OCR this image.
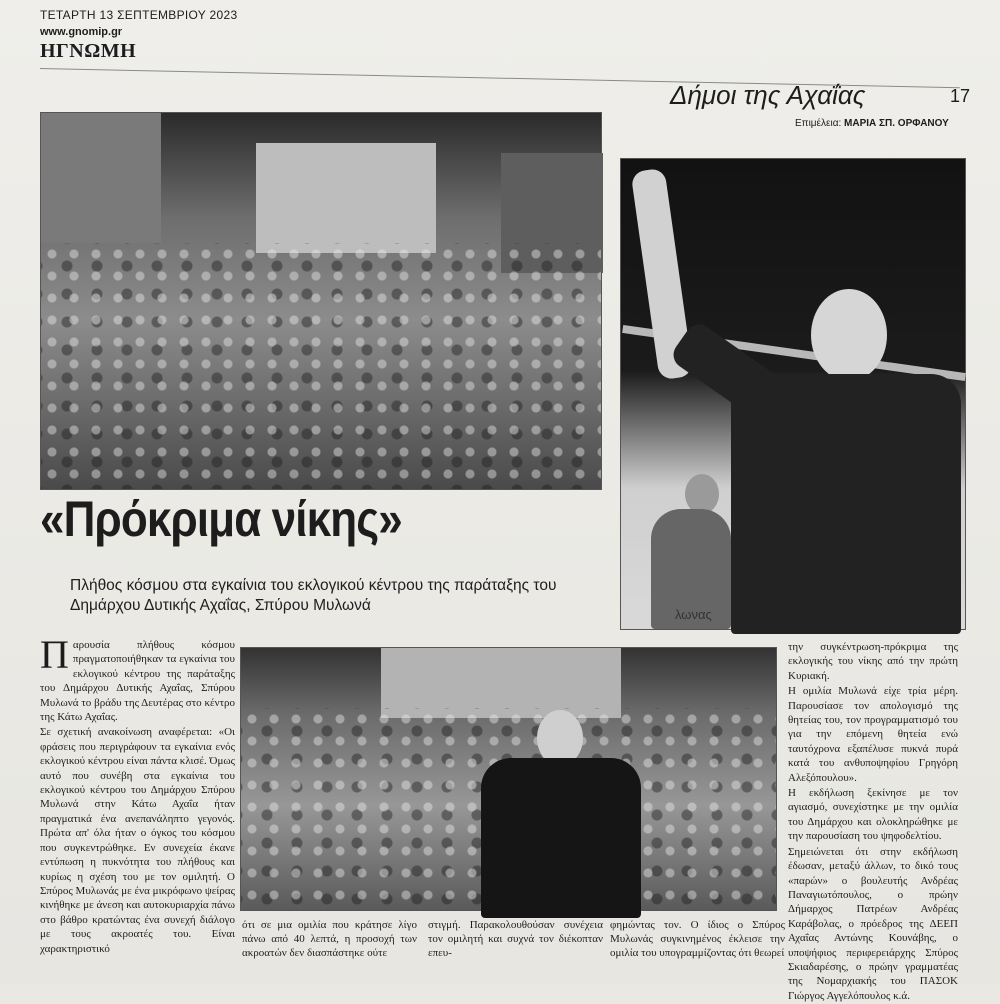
ΤΕΤΑΡΤΗ 13 ΣΕΠΤΕΜΒΡΙΟΥ 2023
www.gnomip.gr
ΗΓΝΩΜΗ
Δήμοι της Αχαΐας	17
Επιμέλεια: ΜΑΡΙΑ ΣΠ. ΟΡΦΑΝΟΥ
λωνας
«Πρόκριμα νίκης»
Πλήθος κόσμου στα εγκαίνια του εκλογικού κέντρου της παράταξης του Δημάρχου Δυτικής Αχαΐας, Σπύρου Μυλωνά

Παρουσία πλήθους κόσμου πραγματοποιήθηκαν τα εγκαίνια του εκλογικού κέντρου της παράταξης του Δημάρχου Δυτικής Αχαΐας, Σπύρου Μυλωνά το βράδυ της Δευτέρας στο κέντρο της Κάτω Αχαΐας.

Σε σχετική ανακοίνωση αναφέρεται: «Οι φράσεις που περιγράφουν τα εγκαίνια ενός εκλογικού κέντρου είναι πάντα κλισέ. Όμως αυτό που συνέβη στα εγκαίνια του εκλογικού κέντρου του Δημάρχου Σπύρου Μυλωνά στην Κάτω Αχαΐα ήταν πραγματικά ένα ανεπανάληπτο γεγονός. Πρώτα απ' όλα ήταν ο όγκος του κόσμου που συγκεντρώθηκε. Εν συνεχεία έκανε εντύπωση η πυκνότητα του πλήθους και κυρίως η σχέση του με τον ομιλητή. Ο Σπύρος Μυλωνάς με ένα μικρόφωνο ψείρας κινήθηκε με άνεση και αυτοκυριαρχία πάνω στο βάθρο κρατώντας ένα συνεχή διάλογο με τους ακροατές του. Είναι χαρακτηριστικό

ότι σε μια ομιλία που κράτησε λίγο πάνω από 40 λεπτά, η προσοχή των ακροατών δεν διασπάστηκε ούτε
στιγμή. Παρακολουθούσαν συνέχεια τον ομιλητή και συχνά τον διέκοπταν επευ-
φημώντας τον. Ο ίδιος ο Σπύρος Μυλωνάς συγκινημένος έκλεισε την ομιλία του υπογραμμίζοντας ότι θεωρεί

την συγκέντρωση-πρόκριμα της εκλογικής του νίκης από την πρώτη Κυριακή.

Η ομιλία Μυλωνά είχε τρία μέρη. Παρουσίασε τον απολογισμό της θητείας του, τον προγραμματισμό του για την επόμενη θητεία ενώ ταυτόχρονα εξαπέλυσε πυκνά πυρά κατά του ανθυποψηφίου Γρηγόρη Αλεξόπουλου».

Η εκδήλωση ξεκίνησε με τον αγιασμό, συνεχίστηκε με την ομιλία του Δημάρχου και ολοκληρώθηκε με την παρουσίαση του ψηφοδελτίου.

Σημειώνεται ότι στην εκδήλωση έδωσαν, μεταξύ άλλων, το δικό τους «παρών» ο βουλευτής Ανδρέας Παναγιωτόπουλος, ο πρώην Δήμαρχος Πατρέων Ανδρέας Καράβολας, ο πρόεδρος της ΔΕΕΠ Αχαΐας Αντώνης Κουνάβης, ο υποψήφιος περιφερειάρχης Σπύρος Σκιαδαρέσης, ο πρώην γραμματέας της Νομαρχιακής του ΠΑΣΟΚ Γιώργος Αγγελόπουλος κ.ά.
